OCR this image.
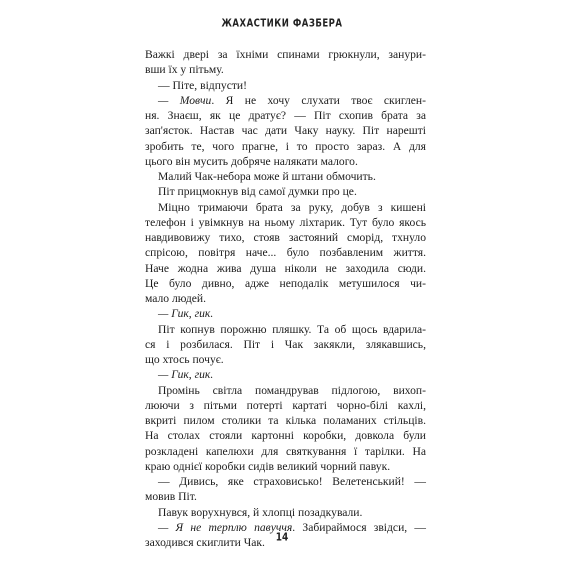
ЖАХАСТИКИ ФАЗБЕРА
Важкі двері за їхніми спинами грюкнули, занури-
вши їх у пітьму.
— Піте, відпусти!
— Мовчи. Я не хочу слухати твоє скиглен-
ня. Знаєш, як це дратує? — Піт схопив брата за
зап'ясток. Настав час дати Чаку науку. Піт нарешті
зробить те, чого прагне, і то просто зараз. А для
цього він мусить добряче налякати малого.
Малий Чак-небора може й штани обмочить.
Піт прицмокнув від самої думки про це.
Міцно тримаючи брата за руку, добув з кишені
телефон і увімкнув на ньому ліхтарик. Тут було якось
навдивовижу тихо, стояв застояний сморід, тхнуло
спрісою, повітря наче... було позбавленим життя.
Наче жодна жива душа ніколи не заходила сюди.
Це було дивно, адже неподалік метушилося чи-
мало людей.
— Гик, гик.
Піт копнув порожню пляшку. Та об щось вдарила-
ся і розбилася. Піт і Чак закякли, злякавшись,
що хтось почує.
— Гик, гик.
Промінь світла помандрував підлогою, вихоп-
люючи з пітьми потерті картаті чорно-білі кахлі,
вкриті пилом столики та кілька поламаних стільців.
На столах стояли картонні коробки, довкола були
розкладені капелюхи для святкування ї тарілки. На
краю однієї коробки сидів великий чорний павук.
— Дивись, яке страховисько! Велетенський! —
мовив Піт.
Павук ворухнувся, й хлопці позадкували.
— Я не терплю павуччя. Забираймося звідси, —
заходився скиглити Чак.	14
